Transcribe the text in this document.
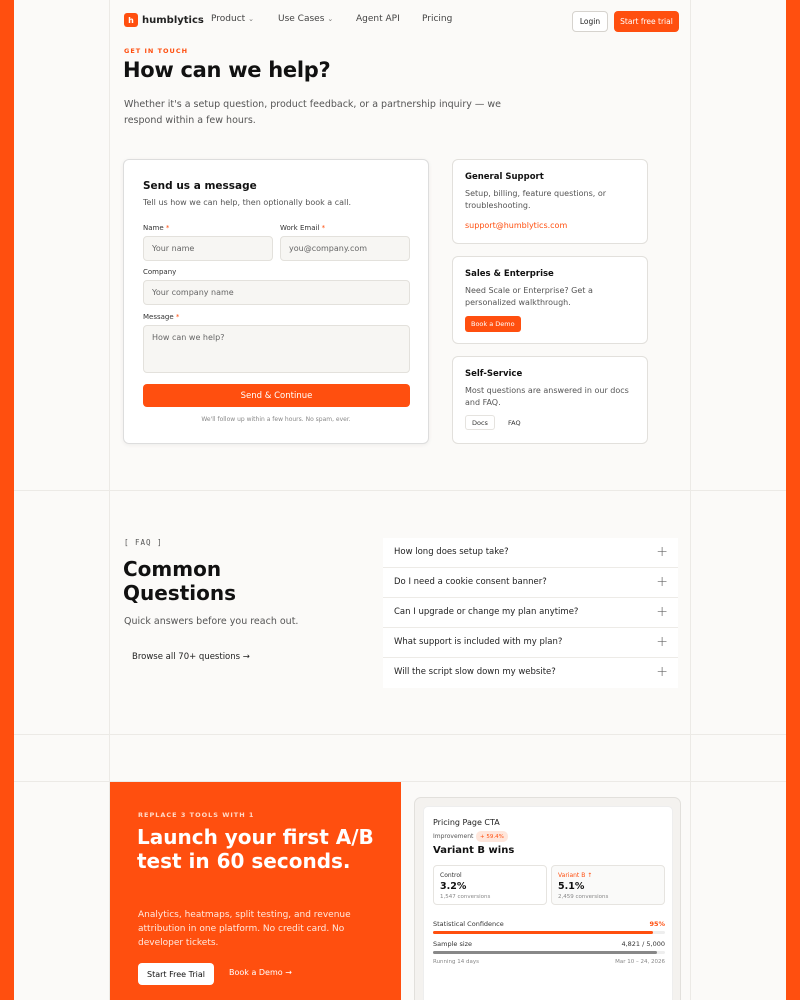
h humblytics Product ⌄	Use Cases ⌄	Agent API Pricing	Login	Start free trial
GET IN TOUCH
How can we help?
Whether it's a setup question, product feedback, or a partnership inquiry — we respond within a few hours.
Send us a message
Tell us how we can help, then optionally book a call.
Name *
Your name
Work Email *
you@company.com
Company
Your company name
Message *
How can we help?
Send & Continue
We'll follow up within a few hours. No spam, ever.
General Support
Setup, billing, feature questions, or troubleshooting.
support@humblytics.com
Sales & Enterprise
Need Scale or Enterprise? Get a personalized walkthrough.
Book a Demo
Self-Service
Most questions are answered in our docs and FAQ.
Docs	FAQ
[ FAQ ]
Common Questions
Quick answers before you reach out.
Browse all 70+ questions →
How long does setup take?	+
Do I need a cookie consent banner?	+
Can I upgrade or change my plan anytime?	+
What support is included with my plan?	+
Will the script slow down my website?	+
REPLACE 3 TOOLS WITH 1
Launch your first A/B test in 60 seconds.
Analytics, heatmaps, split testing, and revenue attribution in one platform. No credit card. No developer tickets.
Start Free Trial	Book a Demo →
Pricing Page CTA
Improvement	+ 59.4%
Variant B wins
Control
3.2%
1,547 conversions
Variant B ↑
5.1%
2,459 conversions
Statistical Confidence	95%
Sample size	4,821 / 5,000
Running 14 days	Mar 10 – 24, 2026
